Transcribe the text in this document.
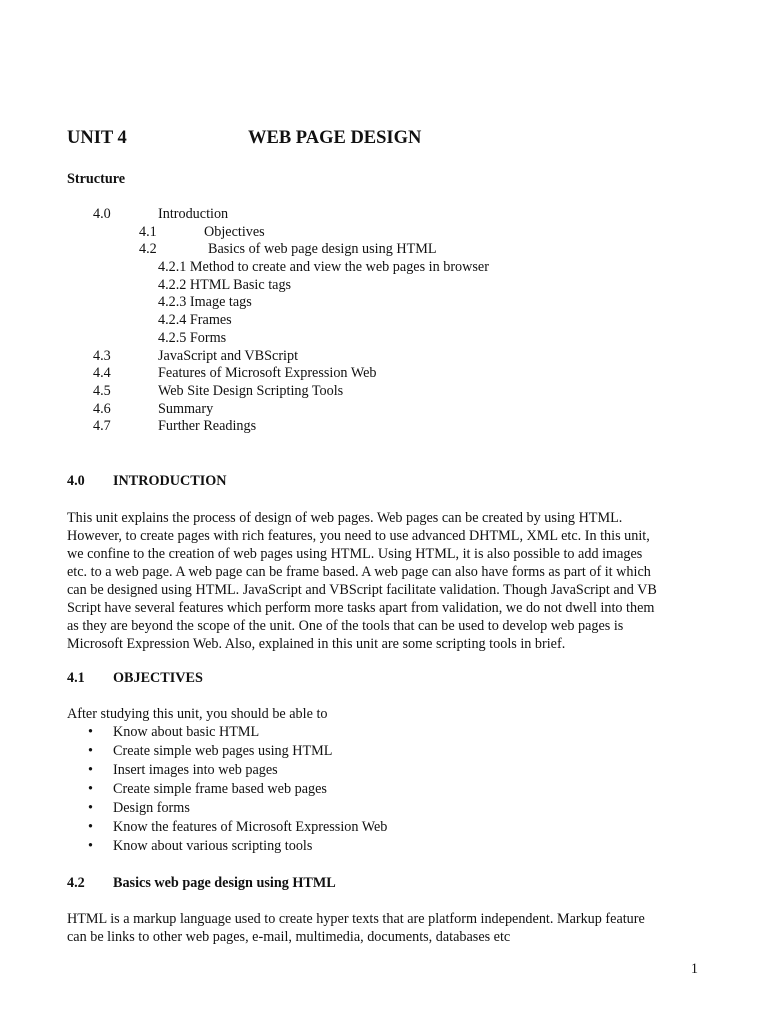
UNIT 4	WEB PAGE DESIGN
Structure
4.0	Introduction
4.1	Objectives
4.2	Basics of web page design using HTML
4.2.1 Method to create and view the web pages in browser
4.2.2 HTML Basic tags
4.2.3 Image tags
4.2.4 Frames
4.2.5 Forms
4.3	JavaScript and VBScript
4.4	Features of Microsoft Expression Web
4.5	Web Site Design Scripting Tools
4.6	Summary
4.7	Further Readings
4.0 INTRODUCTION
This unit explains the process of design of web pages. Web pages can be created by using HTML.
However, to create pages with rich features, you need to use advanced DHTML, XML etc. In this unit,
we confine to the creation of web pages using HTML. Using HTML, it is also possible to add images
etc. to a web page. A web page can be frame based. A web page can also have forms as part of it which
can be designed using HTML. JavaScript and VBScript facilitate validation. Though JavaScript and VB
Script have several features which perform more tasks apart from validation, we do not dwell into them
as they are beyond the scope of the unit. One of the tools that can be used to develop web pages is
Microsoft Expression Web. Also, explained in this unit are some scripting tools in brief.
4.1 OBJECTIVES
After studying this unit, you should be able to
• Know about basic HTML
• Create simple web pages using HTML
• Insert images into web pages
• Create simple frame based web pages
• Design forms
• Know the features of Microsoft Expression Web
• Know about various scripting tools
4.2 Basics web page design using HTML
HTML is a markup language used to create hyper texts that are platform independent. Markup feature
can be links to other web pages, e-mail, multimedia, documents, databases etc
1
